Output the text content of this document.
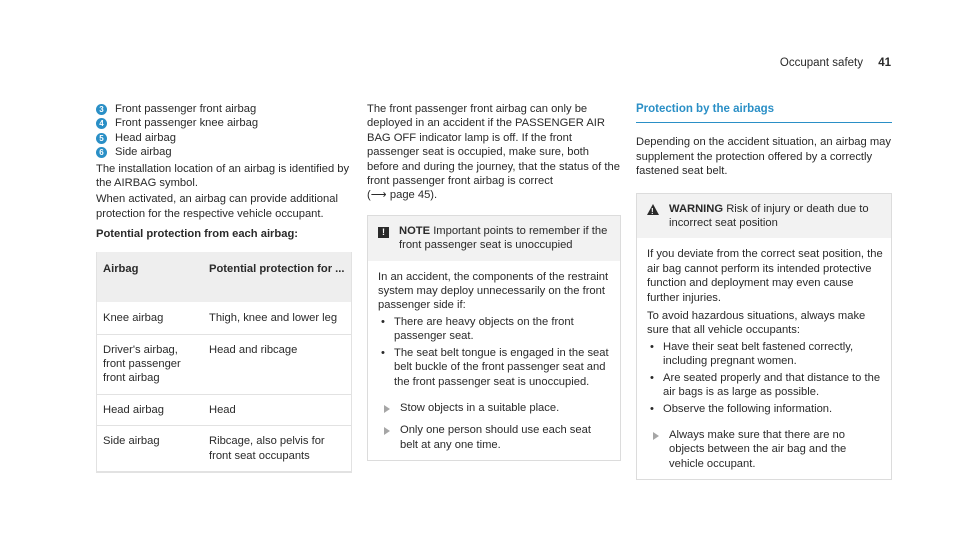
Occupant safety 41
3 Front passenger front airbag
4 Front passenger knee airbag
5 Head airbag
6 Side airbag

The installation location of an airbag is identified by the AIRBAG symbol.

When activated, an airbag can provide additional protection for the respective vehicle occupant.

Potential protection from each airbag:

Airbag	Potential protection for ...
Knee airbag	Thigh, knee and lower leg
Driver's airbag, front passenger front airbag	Head and ribcage
Head airbag	Head
Side airbag	Ribcage, also pelvis for front seat occupants

The front passenger front airbag can only be deployed in an accident if the PASSENGER AIR BAG OFF indicator lamp is off. If the front passenger seat is occupied, make sure, both before and during the journey, that the status of the front passenger front airbag is correct
(⟶ page 45).

!	NOTE Important points to remember if the front passenger seat is unoccupied

In an accident, the components of the restraint system may deploy unnecessarily on the front passenger side if:

• There are heavy objects on the front passenger seat.
• The seat belt tongue is engaged in the seat belt buckle of the front passenger seat and the front passenger seat is unoccupied.
Stow objects in a suitable place.
Only one person should use each seat belt at any one time.
Protection by the airbags

Depending on the accident situation, an airbag may supplement the protection offered by a correctly fastened seat belt.

! WARNING Risk of injury or death due to incorrect seat position

If you deviate from the correct seat position, the air bag cannot perform its intended protective function and deployment may even cause further injuries.

To avoid hazardous situations, always make sure that all vehicle occupants:

• Have their seat belt fastened correctly, including pregnant women.
• Are seated properly and that distance to the air bags is as large as possible.
• Observe the following information.
Always make sure that there are no objects between the air bag and the vehicle occupant.
